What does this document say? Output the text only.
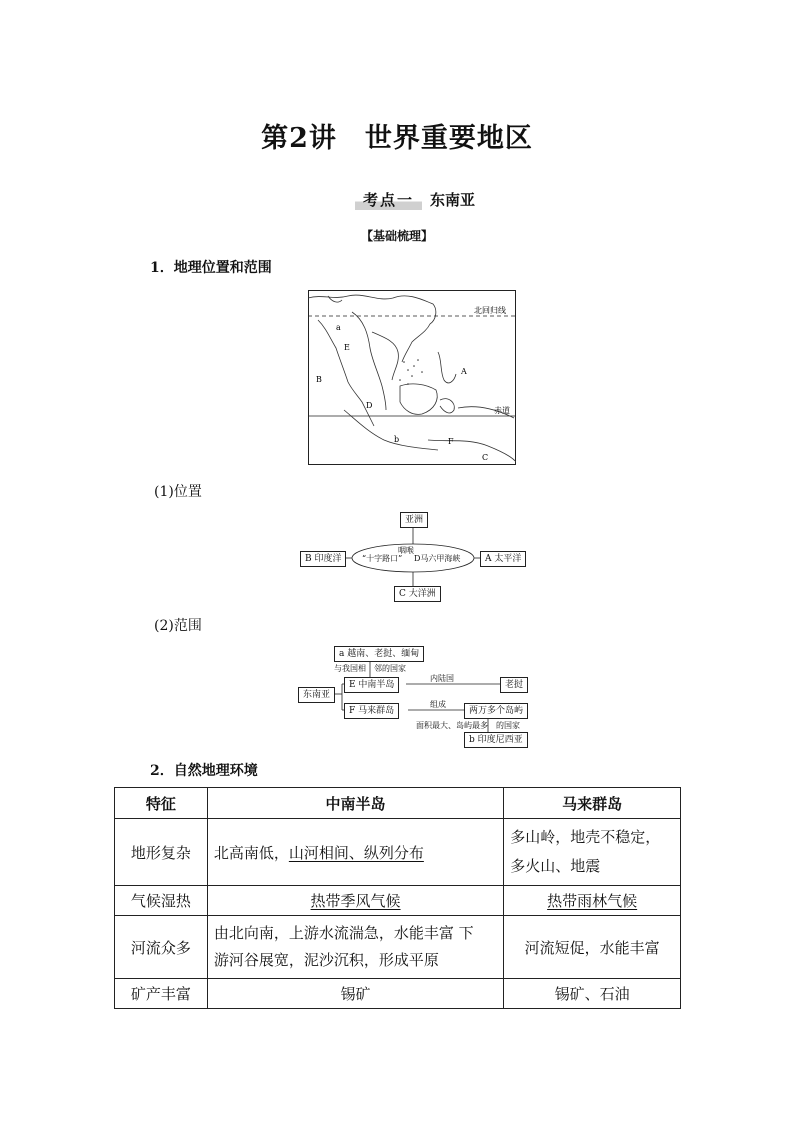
第2讲　世界重要地区
考点一 东南亚
【基础梳理】
1．地理位置和范围
北回归线
赤道
A
B
C
D
E
F
a
b
(1)位置
亚洲
B 印度洋	A 太平洋
C 大洋洲
“十字路口”
咽喉
D马六甲海峡
(2)范围
a 越南、老挝、缅甸
与我国相 邻的国家
东南亚
E 中南半岛
内陆国
老挝
F 马来群岛
组成
两万多个岛屿
面积最大、岛屿最多 的国家
b 印度尼西亚
2．自然地理环境
特征	中南半岛	马来群岛
地形复杂	北高南低，山河相间、纵列分布	多山岭，地壳不稳定，
多火山、地震

气候湿热	热带季风气候	热带雨林气候
河流众多	由北向南，上游水流湍急，水能丰富 下
游河谷展宽，泥沙沉积，形成平原	河流短促，水能丰富
矿产丰富	锡矿	锡矿、石油
